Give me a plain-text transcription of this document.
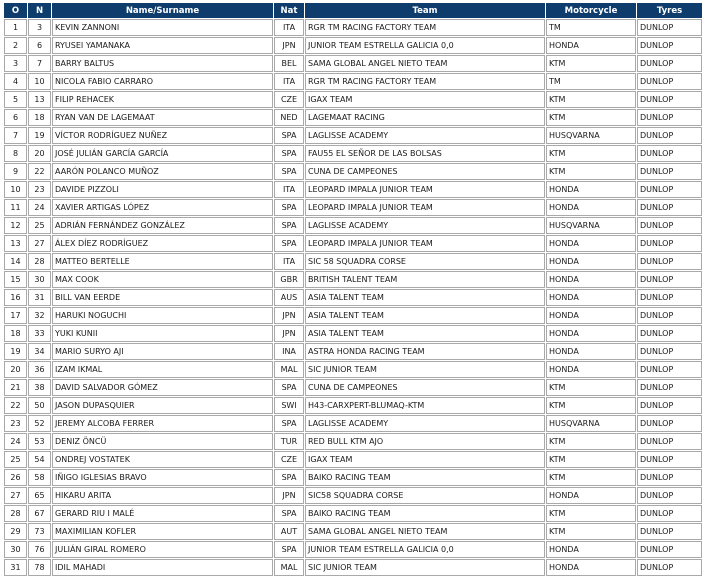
O	N	Name/Surname	Nat	Team	Motorcycle	Tyres
1	3	KEVIN ZANNONI	ITA	RGR TM RACING FACTORY TEAM	TM	DUNLOP
2	6	RYUSEI YAMANAKA	JPN	JUNIOR TEAM ESTRELLA GALICIA 0,0	HONDA	DUNLOP
3	7	BARRY BALTUS	BEL	SAMA GLOBAL ANGEL NIETO TEAM	KTM	DUNLOP
4	10	NICOLA FABIO CARRARO	ITA	RGR TM RACING FACTORY TEAM	TM	DUNLOP
5	13	FILIP REHACEK	CZE	IGAX TEAM	KTM	DUNLOP
6	18	RYAN VAN DE LAGEMAAT	NED	LAGEMAAT RACING	KTM	DUNLOP
7	19	VÍCTOR RODRÍGUEZ NUÑEZ	SPA	LAGLISSE ACADEMY	HUSQVARNA	DUNLOP
8	20	JOSÉ JULIÁN GARCÍA GARCÍA	SPA	FAU55 EL SEÑOR DE LAS BOLSAS	KTM	DUNLOP
9	22	AARÓN POLANCO MUÑOZ	SPA	CUNA DE CAMPEONES	KTM	DUNLOP
10	23	DAVIDE PIZZOLI	ITA	LEOPARD IMPALA JUNIOR TEAM	HONDA	DUNLOP
11	24	XAVIER ARTIGAS LÓPEZ	SPA	LEOPARD IMPALA JUNIOR TEAM	HONDA	DUNLOP
12	25	ADRIÁN FERNÁNDEZ GONZÁLEZ	SPA	LAGLISSE ACADEMY	HUSQVARNA	DUNLOP
13	27	ÁLEX DÍEZ RODRÍGUEZ	SPA	LEOPARD IMPALA JUNIOR TEAM	HONDA	DUNLOP
14	28	MATTEO BERTELLE	ITA	SIC 58 SQUADRA CORSE	HONDA	DUNLOP
15	30	MAX COOK	GBR	BRITISH TALENT TEAM	HONDA	DUNLOP
16	31	BILL VAN EERDE	AUS	ASIA TALENT TEAM	HONDA	DUNLOP
17	32	HARUKI NOGUCHI	JPN	ASIA TALENT TEAM	HONDA	DUNLOP
18	33	YUKI KUNII	JPN	ASIA TALENT TEAM	HONDA	DUNLOP
19	34	MARIO SURYO AJI	INA	ASTRA HONDA RACING TEAM	HONDA	DUNLOP
20	36	IZAM IKMAL	MAL	SIC JUNIOR TEAM	HONDA	DUNLOP
21	38	DAVID SALVADOR GÓMEZ	SPA	CUNA DE CAMPEONES	KTM	DUNLOP
22	50	JASON DUPASQUIER	SWI	H43-CARXPERT-BLUMAQ-KTM	KTM	DUNLOP
23	52	JEREMY ALCOBA FERRER	SPA	LAGLISSE ACADEMY	HUSQVARNA	DUNLOP
24	53	DENIZ ÖNCÜ	TUR	RED BULL KTM AJO	KTM	DUNLOP
25	54	ONDREJ VOSTATEK	CZE	IGAX TEAM	KTM	DUNLOP
26	58	IÑIGO IGLESIAS BRAVO	SPA	BAIKO RACING TEAM	KTM	DUNLOP
27	65	HIKARU ARITA	JPN	SIC58 SQUADRA CORSE	HONDA	DUNLOP
28	67	GERARD RIU I MALÉ	SPA	BAIKO RACING TEAM	KTM	DUNLOP
29	73	MAXIMILIAN KOFLER	AUT	SAMA GLOBAL ANGEL NIETO TEAM	KTM	DUNLOP
30	76	JULIÁN GIRAL ROMERO	SPA	JUNIOR TEAM ESTRELLA GALICIA 0,0	HONDA	DUNLOP
31	78	IDIL MAHADI	MAL	SIC JUNIOR TEAM	HONDA	DUNLOP
